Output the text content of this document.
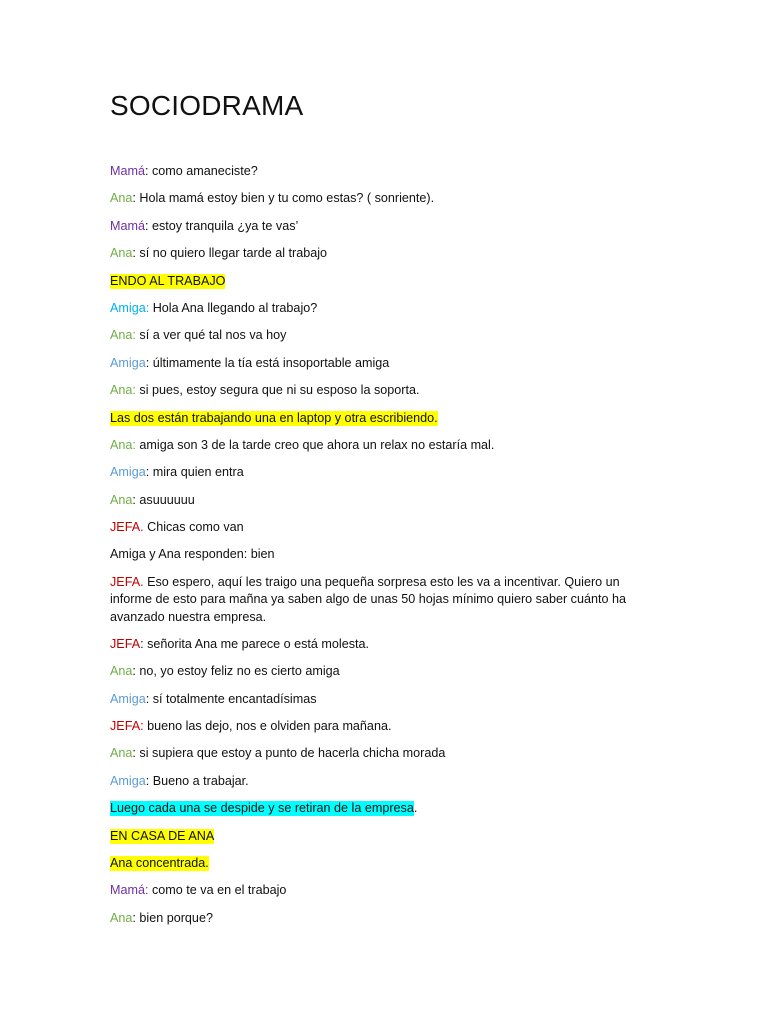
SOCIODRAMA

Mamá: como amaneciste?

Ana: Hola mamá estoy bien y tu como estas? ( sonriente).

Mamá: estoy tranquila ¿ya te vas’

Ana: sí no quiero llegar tarde al trabajo

ENDO AL TRABAJO

Amiga: Hola Ana llegando al trabajo?

Ana: sí a ver qué tal nos va hoy

Amiga: últimamente la tía está insoportable amiga

Ana: si pues, estoy segura que ni su esposo la soporta.

Las dos están trabajando una en laptop y otra escribiendo.

Ana: amiga son 3 de la tarde creo que ahora un relax no estaría mal.

Amiga: mira quien entra

Ana: asuuuuuu

JEFA. Chicas como van

Amiga y Ana responden: bien

JEFA. Eso espero, aquí les traigo una pequeña sorpresa esto les va a incentivar. Quiero un informe de esto para mañna ya saben algo de unas 50 hojas mínimo quiero saber cuánto ha avanzado nuestra empresa.

JEFA: señorita Ana me parece o está molesta.

Ana: no, yo estoy feliz no es cierto amiga

Amiga: sí totalmente encantadísimas

JEFA: bueno las dejo, nos e olviden para mañana.

Ana: si supiera que estoy a punto de hacerla chicha morada

Amiga: Bueno a trabajar.

Luego cada una se despide y se retiran de la empresa.

EN CASA DE ANA

Ana concentrada.

Mamá: como te va en el trabajo

Ana: bien porque?
